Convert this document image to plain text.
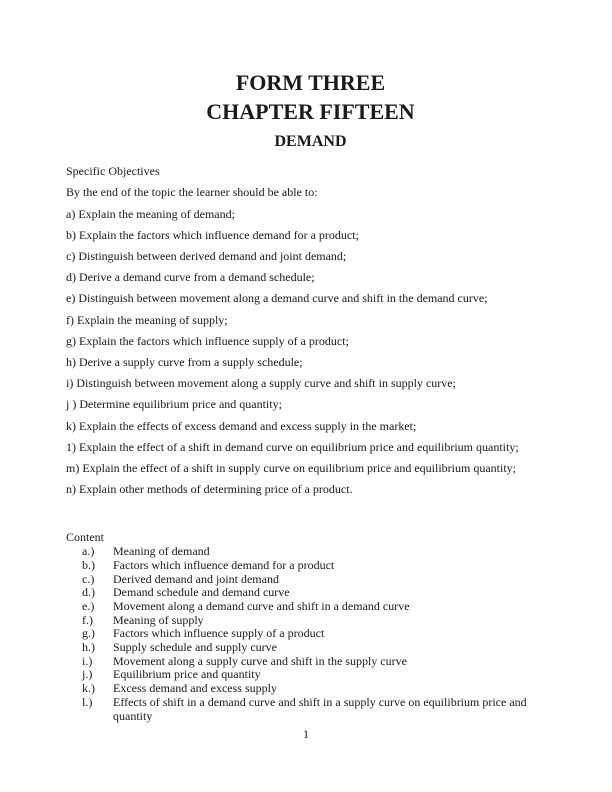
FORM THREE
CHAPTER FIFTEEN
DEMAND

Specific Objectives

By the end of the topic the learner should be able to:

a) Explain the meaning of demand;

b) Explain the factors which influence demand for a product;

c) Distinguish between derived demand and joint demand;

d) Derive a demand curve from a demand schedule;

e) Distinguish between movement along a demand curve and shift in the demand curve;

f) Explain the meaning of supply;

g) Explain the factors which influence supply of a product;

h) Derive a supply curve from a supply schedule;

i) Distinguish between movement along a supply curve and shift in supply curve;

j ) Determine equilibrium price and quantity;

k) Explain the effects of excess demand and excess supply in the market;

1) Explain the effect of a shift in demand curve on equilibrium price and equilibrium quantity;

m) Explain the effect of a shift in supply curve on equilibrium price and equilibrium quantity;

n) Explain other methods of determining price of a product.

Content

a.)	Meaning of demand
b.)	Factors which influence demand for a product
c.)	Derived demand and joint demand
d.)	Demand schedule and demand curve
e.)	Movement along a demand curve and shift in a demand curve
f.)	Meaning of supply
g.)	Factors which influence supply of a product
h.)	Supply schedule and supply curve
i.)	Movement along a supply curve and shift in the supply curve
j.)	Equilibrium price and quantity
k.)	Excess demand and excess supply
l.)	Effects of shift in a demand curve and shift in a supply curve on equilibrium price and quantity
1
